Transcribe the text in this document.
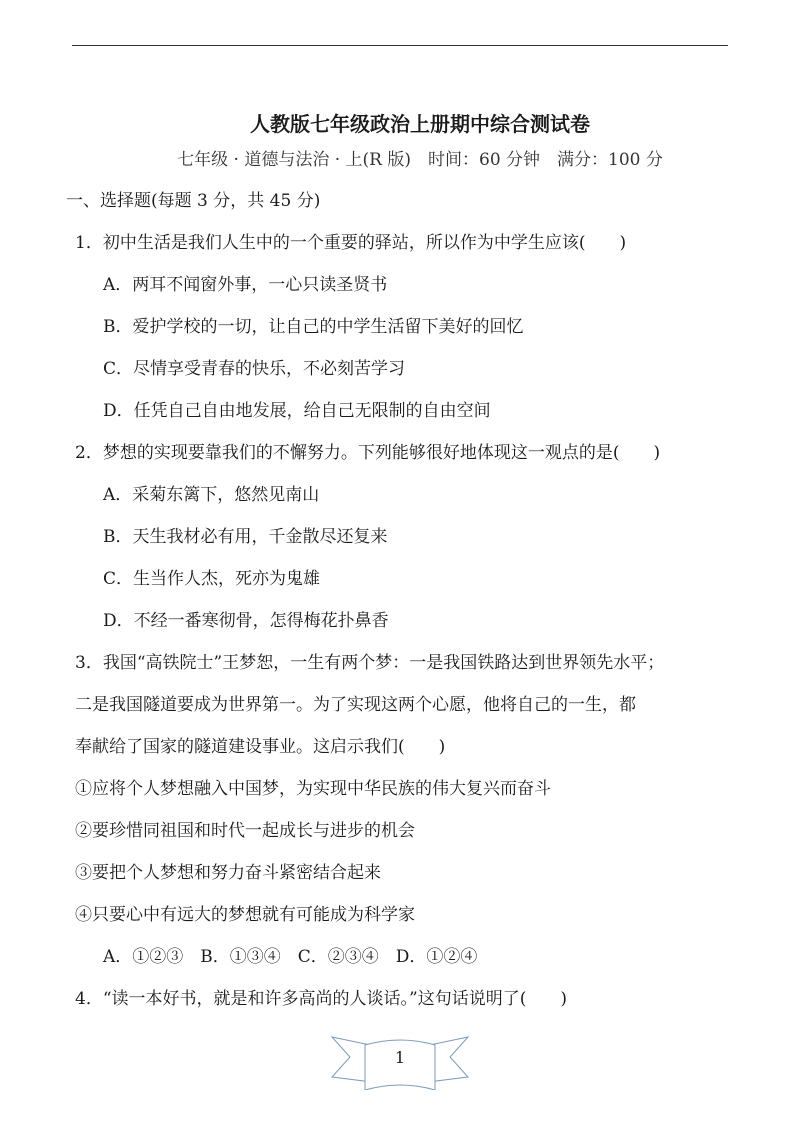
人教版七年级政治上册期中综合测试卷
七年级 · 道德与法治 · 上(R 版)　时间：60 分钟　满分：100 分
一、选择题(每题 3 分，共 45 分)
1．初中生活是我们人生中的一个重要的驿站，所以作为中学生应该(　　)
A．两耳不闻窗外事，一心只读圣贤书
B．爱护学校的一切，让自己的中学生活留下美好的回忆
C．尽情享受青春的快乐，不必刻苦学习
D．任凭自己自由地发展，给自己无限制的自由空间
2．梦想的实现要靠我们的不懈努力。下列能够很好地体现这一观点的是(　　)
A．采菊东篱下，悠然见南山
B．天生我材必有用，千金散尽还复来
C．生当作人杰，死亦为鬼雄
D．不经一番寒彻骨，怎得梅花扑鼻香
3．我国“高铁院士”王梦恕，一生有两个梦：一是我国铁路达到世界领先水平；
二是我国隧道要成为世界第一。为了实现这两个心愿，他将自己的一生，都
奉献给了国家的隧道建设事业。这启示我们(　　)
①应将个人梦想融入中国梦，为实现中华民族的伟大复兴而奋斗
②要珍惜同祖国和时代一起成长与进步的机会
③要把个人梦想和努力奋斗紧密结合起来
④只要心中有远大的梦想就有可能成为科学家
A．①②③　B．①③④　C．②③④　D．①②④
4．“读一本好书，就是和许多高尚的人谈话。”这句话说明了(　　)
1
